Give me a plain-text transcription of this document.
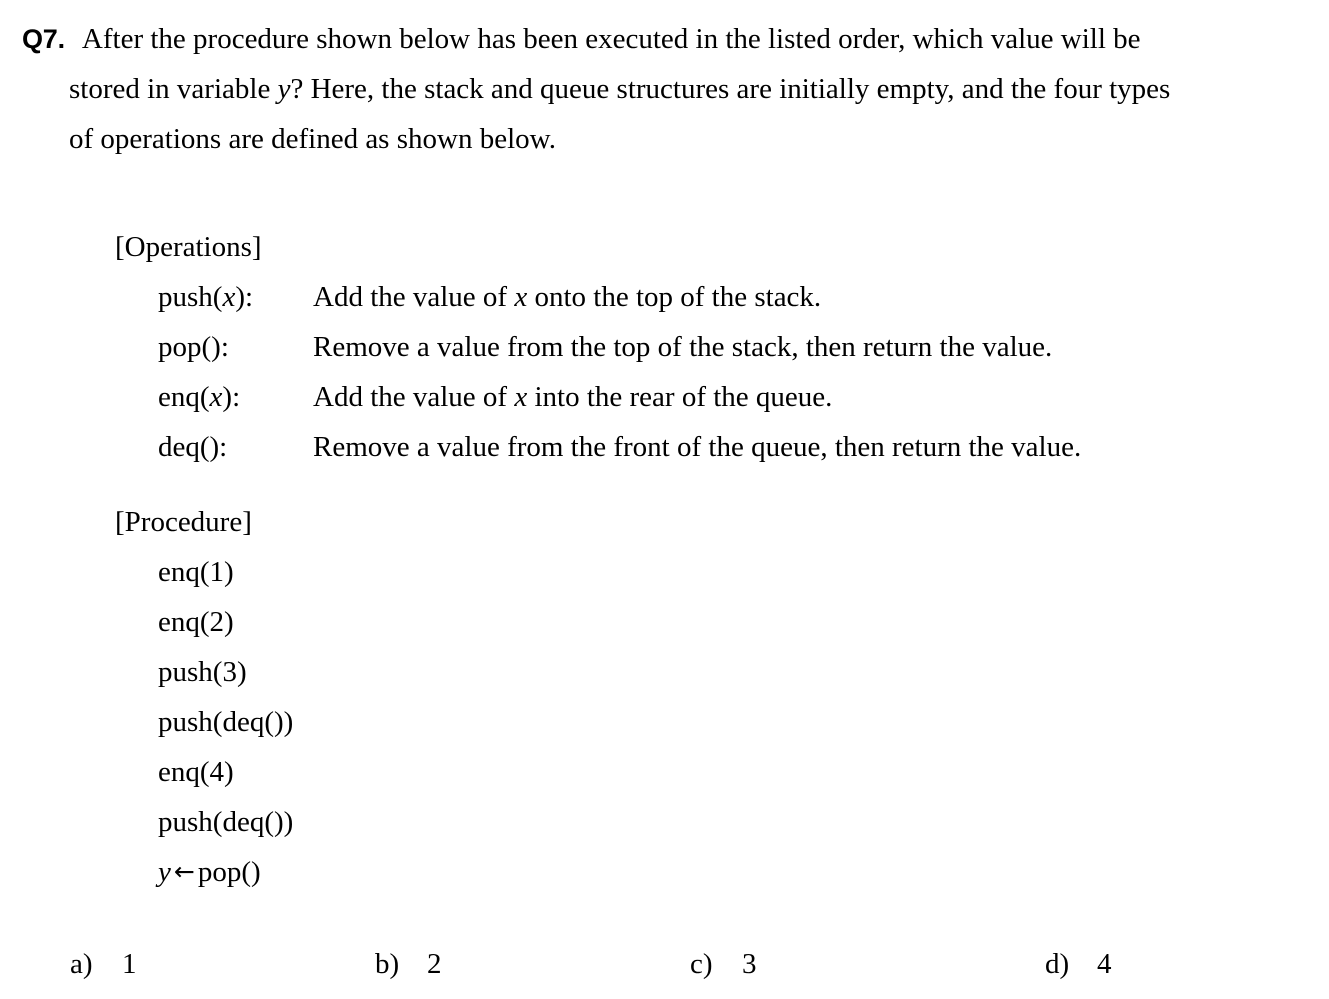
Q7. After the procedure shown below has been executed in the listed order, which value will be
stored in variable y? Here, the stack and queue structures are initially empty, and the four types
of operations are defined as shown below.
[Operations]
push(x):	Add the value of x onto the top of the stack.
pop():	Remove a value from the top of the stack, then return the value.
enq(x):	Add the value of x into the rear of the queue.
deq():	Remove a value from the front of the queue, then return the value.
[Procedure]
enq(1)
enq(2)
push(3)
push(deq())
enq(4)
push(deq())
y ← pop()
a) 1	b) 2	c) 3	d) 4
